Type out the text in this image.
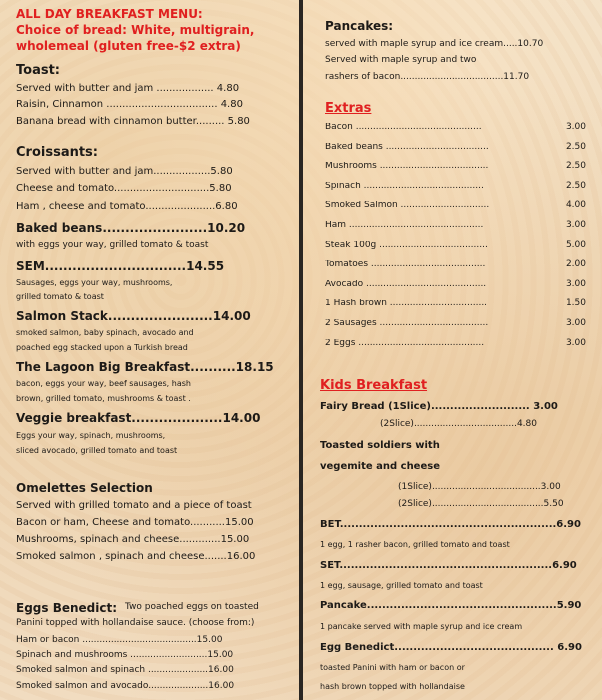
ALL DAY BREAKFAST MENU:
Choice of bread: White, multigrain,
wholemeal (gluten free-$2 extra)
Toast:
Served with butter and jam .................. 4.80
Raisin, Cinnamon ................................... 4.80
Banana bread with cinnamon butter......... 5.80
Croissants:
Served with butter and jam..................5.80
Cheese and tomato..............................5.80
Ham , cheese and tomato......................6.80
Baked beans.......................10.20
with eggs your way, grilled tomato & toast
SEM...............................14.55
Sausages, eggs your way, mushrooms,
grilled tomato & toast
Salmon Stack.......................14.00
smoked salmon, baby spinach, avocado and
poached egg stacked upon a Turkish bread
The Lagoon Big Breakfast..........18.15
bacon, eggs your way, beef sausages, hash
brown, grilled tomato, mushrooms & toast .
Veggie breakfast....................14.00
Eggs your way, spinach, mushrooms,
sliced avocado, grilled tomato and toast
Omelettes Selection
Served with grilled tomato and a piece of toast
Bacon or ham, Cheese and tomato...........15.00
Mushrooms, spinach and cheese.............15.00
Smoked salmon , spinach and cheese.......16.00
Eggs Benedict: Two poached eggs on toasted
Panini topped with hollandaise sauce. (choose from:)
Ham or bacon ........................................15.00
Spinach and mushrooms ...........................15.00
Smoked salmon and spinach .....................16.00
Smoked salmon and avocado.....................16.00
Pancakes:
served with maple syrup and ice cream.....10.70
Served with maple syrup and two
rashers of bacon....................................11.70
Extras
Bacon ............................................	3.00
Baked beans ....................................	2.50
Mushrooms ......................................	2.50
Spinach ..........................................	2.50
Smoked Salmon ...............................	4.00
Ham ...............................................	3.00
Steak 100g ......................................	5.00
Tomatoes ........................................	2.00
Avocado ..........................................	3.00
1 Hash brown ..................................	1.50
2 Sausages ......................................	3.00
2 Eggs ............................................	3.00
Kids Breakfast
Fairy Bread (1Slice).......................... 3.00
(2Slice)....................................4.80
Toasted soldiers with
vegemite and cheese
(1Slice)......................................3.00
(2Slice).......................................5.50
BET.........................................................6.90
1 egg, 1 rasher bacon, grilled tomato and toast
SET........................................................6.90
1 egg, sausage, grilled tomato and toast
Pancake..................................................5.90
1 pancake served with maple syrup and ice cream
Egg Benedict.......................................... 6.90
toasted Panini with ham or bacon or
hash brown topped with hollandaise
